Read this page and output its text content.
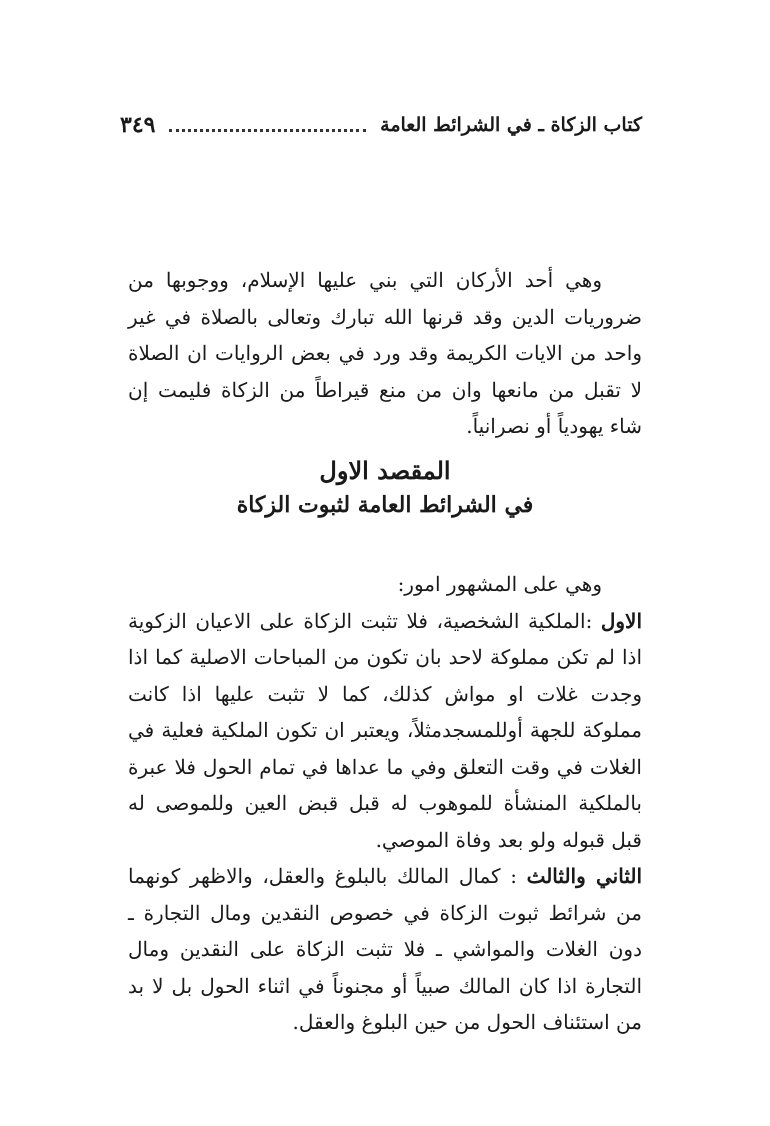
كتاب الزكاة ـ في الشرائط العامة
٣٤٩

وهي أحد الأركان التي بني عليها الإسلام، ووجوبها من ضروريات الدين وقد قرنها الله تبارك وتعالى بالصلاة في غير واحد من الايات الكريمة وقد ورد في بعض الروايات ان الصلاة لا تقبل من مانعها وان من منع قيراطاً من الزكاة فليمت إن شاء يهودياً أو نصرانياً.

المقصد الاول
في الشرائط العامة لثبوت الزكاة

وهي على المشهور امور:

الاول :الملكية الشخصية، فلا تثبت الزكاة على الاعيان الزكوية اذا لم تكن مملوكة لاحد بان تكون من المباحات الاصلية كما اذا وجدت غلات او مواش كذلك، كما لا تثبت عليها اذا كانت مملوكة للجهة أوللمسجدمثلاً، ويعتبر ان تكون الملكية فعلية في الغلات في وقت التعلق وفي ما عداها في تمام الحول فلا عبرة بالملكية المنشأة للموهوب له قبل قبض العين وللموصى له قبل قبوله ولو بعد وفاة الموصي.

الثاني والثالث : كمال المالك بالبلوغ والعقل، والاظهر كونهما من شرائط ثبوت الزكاة في خصوص النقدين ومال التجارة ـ دون الغلات والمواشي ـ فلا تثبت الزكاة على النقدين ومال التجارة اذا كان المالك صبياً أو مجنوناً في اثناء الحول بل لا بد من استئناف الحول من حين البلوغ والعقل.
